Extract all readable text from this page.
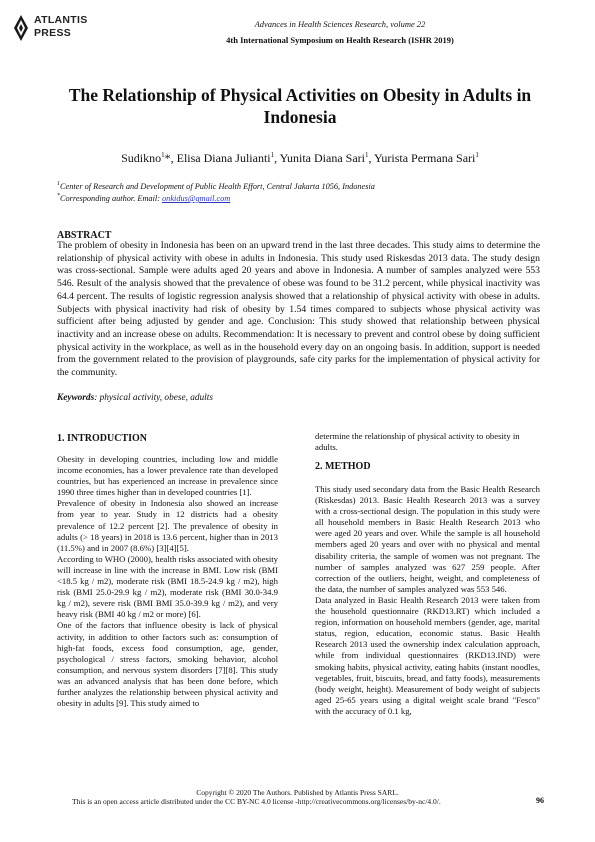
ATLANTIS
PRESS
Advances in Health Sciences Research, volume 22
4th International Symposium on Health Research (ISHR 2019)
The Relationship of Physical Activities on Obesity in Adults in Indonesia
Sudikno$^1$*, Elisa Diana Julianti$^1$, Yunita Diana Sari$^1$, Yurista Permana Sari$^1$
$^1$Center of Research and Development of Public Health Effort, Central Jakarta 1056, Indonesia
*Corresponding author. Email: onkidus@gmail.com
ABSTRACT
The problem of obesity in Indonesia has been on an upward trend in the last three decades. This study aims to determine the relationship of physical activity with obese in adults in Indonesia. This study used Riskesdas 2013 data. The study design was cross-sectional. Sample were adults aged 20 years and above in Indonesia. A number of samples analyzed were 553 546. Result of the analysis showed that the prevalence of obese was found to be 31.2 percent, while physical inactivity was 64.4 percent. The results of logistic regression analysis showed that a relationship of physical activity with obese in adults. Subjects with physical inactivity had risk of obesity by 1.54 times compared to subjects whose physical activity was sufficient after being adjusted by gender and age. Conclusion: This study showed that relationship between physical inactivity and an increase obese on adults. Recommendation: It is necessary to prevent and control obese by doing sufficient physical activity in the workplace, as well as in the household every day on an ongoing basis. In addition, support is needed from the government related to the provision of playgrounds, safe city parks for the implementation of physical activity for the community.
Keywords: physical activity, obese, adults
1. INTRODUCTION

Obesity in developing countries, including low and middle income economies, has a lower prevalence rate than developed countries, but has experienced an increase in prevalence since 1990 three times higher than in developed countries [1].

Prevalence of obesity in Indonesia also showed an increase from year to year. Study in 12 districts had a obesity prevalence of 12.2 percent [2]. The prevalence of obesity in adults (> 18 years) in 2018 is 13.6 percent, higher than in 2013 (11.5%) and in 2007 (8.6%) [3][4][5].

According to WHO (2000), health risks associated with obesity will increase in line with the increase in BMI. Low risk (BMI <18.5 kg / m2), moderate risk (BMI 18.5-24.9 kg / m2), high risk (BMI 25.0-29.9 kg / m2), moderate risk (BMI 30.0-34.9 kg / m2), severe risk (BMI BMI 35.0-39.9 kg / m2), and very heavy risk (BMI 40 kg / m2 or more) [6].

One of the factors that influence obesity is lack of physical activity, in addition to other factors such as: consumption of high-fat foods, excess food consumption, age, gender, psychological / stress factors, smoking behavior, alcohol consumption, and nervous system disorders [7][8]. This study was an advanced analysis that has been done before, which further analyzes the relationship between physical activity and obesity in adults [9]. This study aimed to

determine the relationship of physical activity to obesity in adults.
2. METHOD

This study used secondary data from the Basic Health Research (Riskesdas) 2013. Basic Health Research 2013 was a survey with a cross-sectional design. The population in this study were all household members in Basic Health Research 2013 who were aged 20 years and over. While the sample is all household members aged 20 years and over with no physical and mental disability criteria, the sample of women was not pregnant. The number of samples analyzed was 627 259 people. After correction of the outliers, height, weight, and completeness of the data, the number of samples analyzed was 553 546.

Data analyzed in Basic Health Research 2013 were taken from the household questionnaire (RKD13.RT) which included a region, information on household members (gender, age, marital status, region, education, economic status. Basic Health Research 2013 used the ownership index calculation approach, while from individual questionnaires (RKD13.IND) were smoking habits, physical activity, eating habits (instant noodles, vegetables, fruit, biscuits, bread, and fatty foods), measurements (body weight, height). Measurement of body weight of subjects aged 25-65 years using a digital weight scale brand "Fesco" with the accuracy of 0.1 kg,

Copyright © 2020 The Authors. Published by Atlantis Press SARL.
This is an open access article distributed under the CC BY-NC 4.0 license -http://creativecommons.org/licenses/by-nc/4.0/.	96
